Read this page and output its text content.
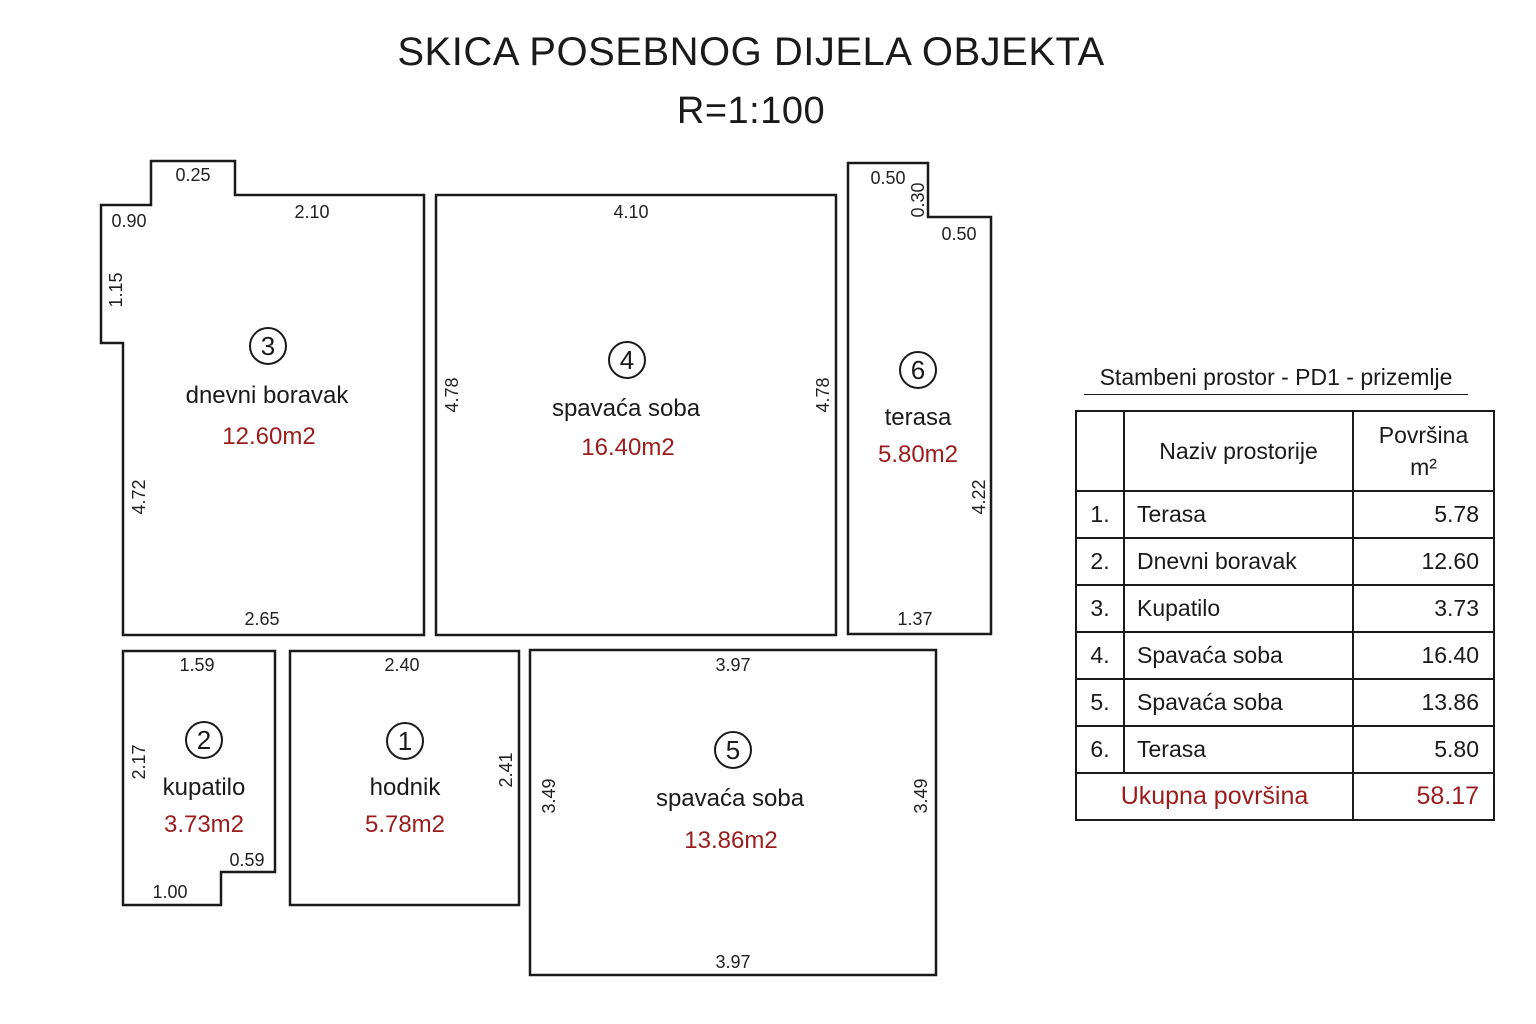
SKICA POSEBNOG DIJELA OBJEKTA
R=1:100
3
dnevni boravak
12.60m2
0.25
0.90	2.10
1.15
4.72
2.65
4
spavaća soba
16.40m2
4.10
4.78	4.78
6
terasa
5.80m2
0.50
0.30
0.50
4.22
1.37
2
kupatilo
3.73m2
1.59
2.17
0.59
1.00
1
hodnik
5.78m2
2.40
2.41
5
spavaća soba
13.86m2
3.97
3.49	3.49
3.97
Stambeni prostor - PD1 - prizemlje
	Naziv prostorije	Površina
m²
1.	Terasa	5.78
2.	Dnevni boravak	12.60
3.	Kupatilo	3.73
4.	Spavaća soba	16.40
5.	Spavaća soba	13.86
6.	Terasa	5.80
Ukupna površina		58.17
